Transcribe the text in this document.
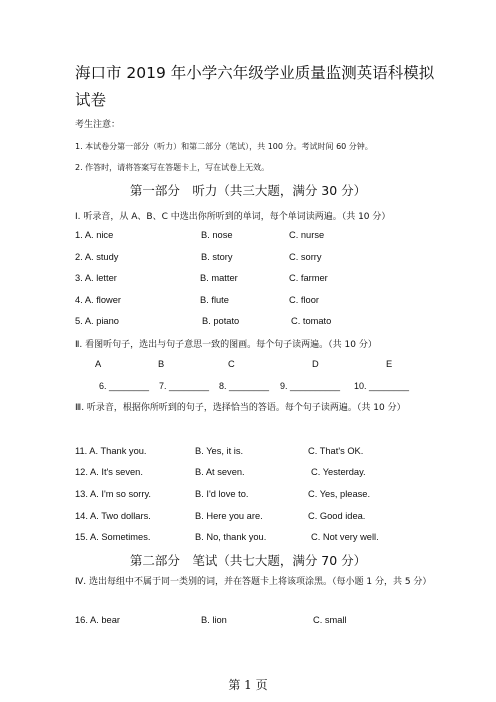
海口市 2019 年小学六年级学业质量监测英语科模拟试卷
考生注意：
1. 本试卷分第一部分（听力）和第二部分（笔试），共 100 分。考试时间 60 分钟。
2. 作答时，请将答案写在答题卡上，写在试卷上无效。
第一部分　听力（共三大题，满分 30 分）
Ⅰ. 听录音，从 A、B、C 中选出你所听到的单词，每个单词读两遍。（共 10 分）
1. A. nice	B. nose	C. nurse
2. A. study	B. story	C. sorry
3. A. letter	B. matter	C. farmer
4. A. flower	B. flute	C. floor
5. A. piano	B. potato	C. tomato
Ⅱ. 看图听句子，选出与句子意思一致的图画。每个句子读两遍。（共 10 分）
A	B	C	D	E
6. ________ 7. ________ 8. ________ 9. __________ 10. ________
Ⅲ. 听录音，根据你所听到的句子，选择恰当的答语。每个句子读两遍。（共 10 分）
11. A. Thank you.	B. Yes, it is.	C. That's OK.
12. A. It's seven.	B. At seven.	C. Yesterday.
13. A. I'm so sorry.	B. I'd love to.	C. Yes, please.
14. A. Two dollars.	B. Here you are.	C. Good idea.
15. A. Sometimes.	B. No, thank you.	C. Not very well.
第二部分　笔试（共七大题，满分 70 分）
Ⅳ. 选出每组中不属于同一类别的词，并在答题卡上将该项涂黑。（每小题 1 分，共 5 分）
16. A. bear	B. lion	C. small
第 1 页
